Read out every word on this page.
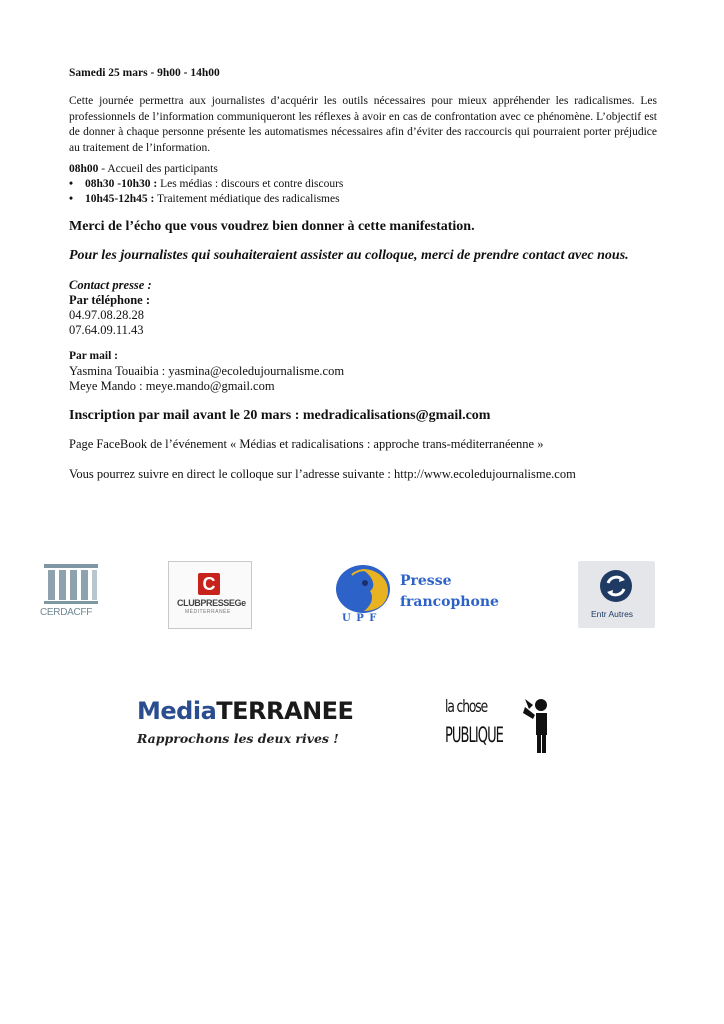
Samedi 25 mars - 9h00 - 14h00
Cette journée permettra aux journalistes d’acquérir les outils nécessaires pour mieux appréhender les radicalismes. Les professionnels de l’information communiqueront les réflexes à avoir en cas de confrontation avec ce phénomène. L’objectif est de donner à chaque personne présente les automatismes nécessaires afin d’éviter des raccourcis qui pourraient porter préjudice au traitement de l’information.
08h00 - Accueil des participants
• 08h30 -10h30 : Les médias : discours et contre discours
• 10h45-12h45 : Traitement médiatique des radicalismes
Merci de l’écho que vous voudrez bien donner à cette manifestation.
Pour les journalistes qui souhaiteraient assister au colloque, merci de prendre contact avec nous.
Contact presse :
Par téléphone :
04.97.08.28.28
07.64.09.11.43
Par mail :
Yasmina Touaibia : yasmina@ecoledujournalisme.com
Meye Mando : meye.mando@gmail.com
Inscription par mail avant le 20 mars : medradicalisations@gmail.com
Page FaceBook de l’événement « Médias et radicalisations : approche trans-méditerranéenne »
Vous pourrez suivre en direct le colloque sur l’adresse suivante : http://www.ecoledujournalisme.com
CERDACFF
C
CLUBPRESSEGe
MÉDITERRANÉE
U P F
Presse
francophone
Entr Autres
MediaTERRANEE
Rapprochons les deux rives !
la chose
PUBLIQUE
